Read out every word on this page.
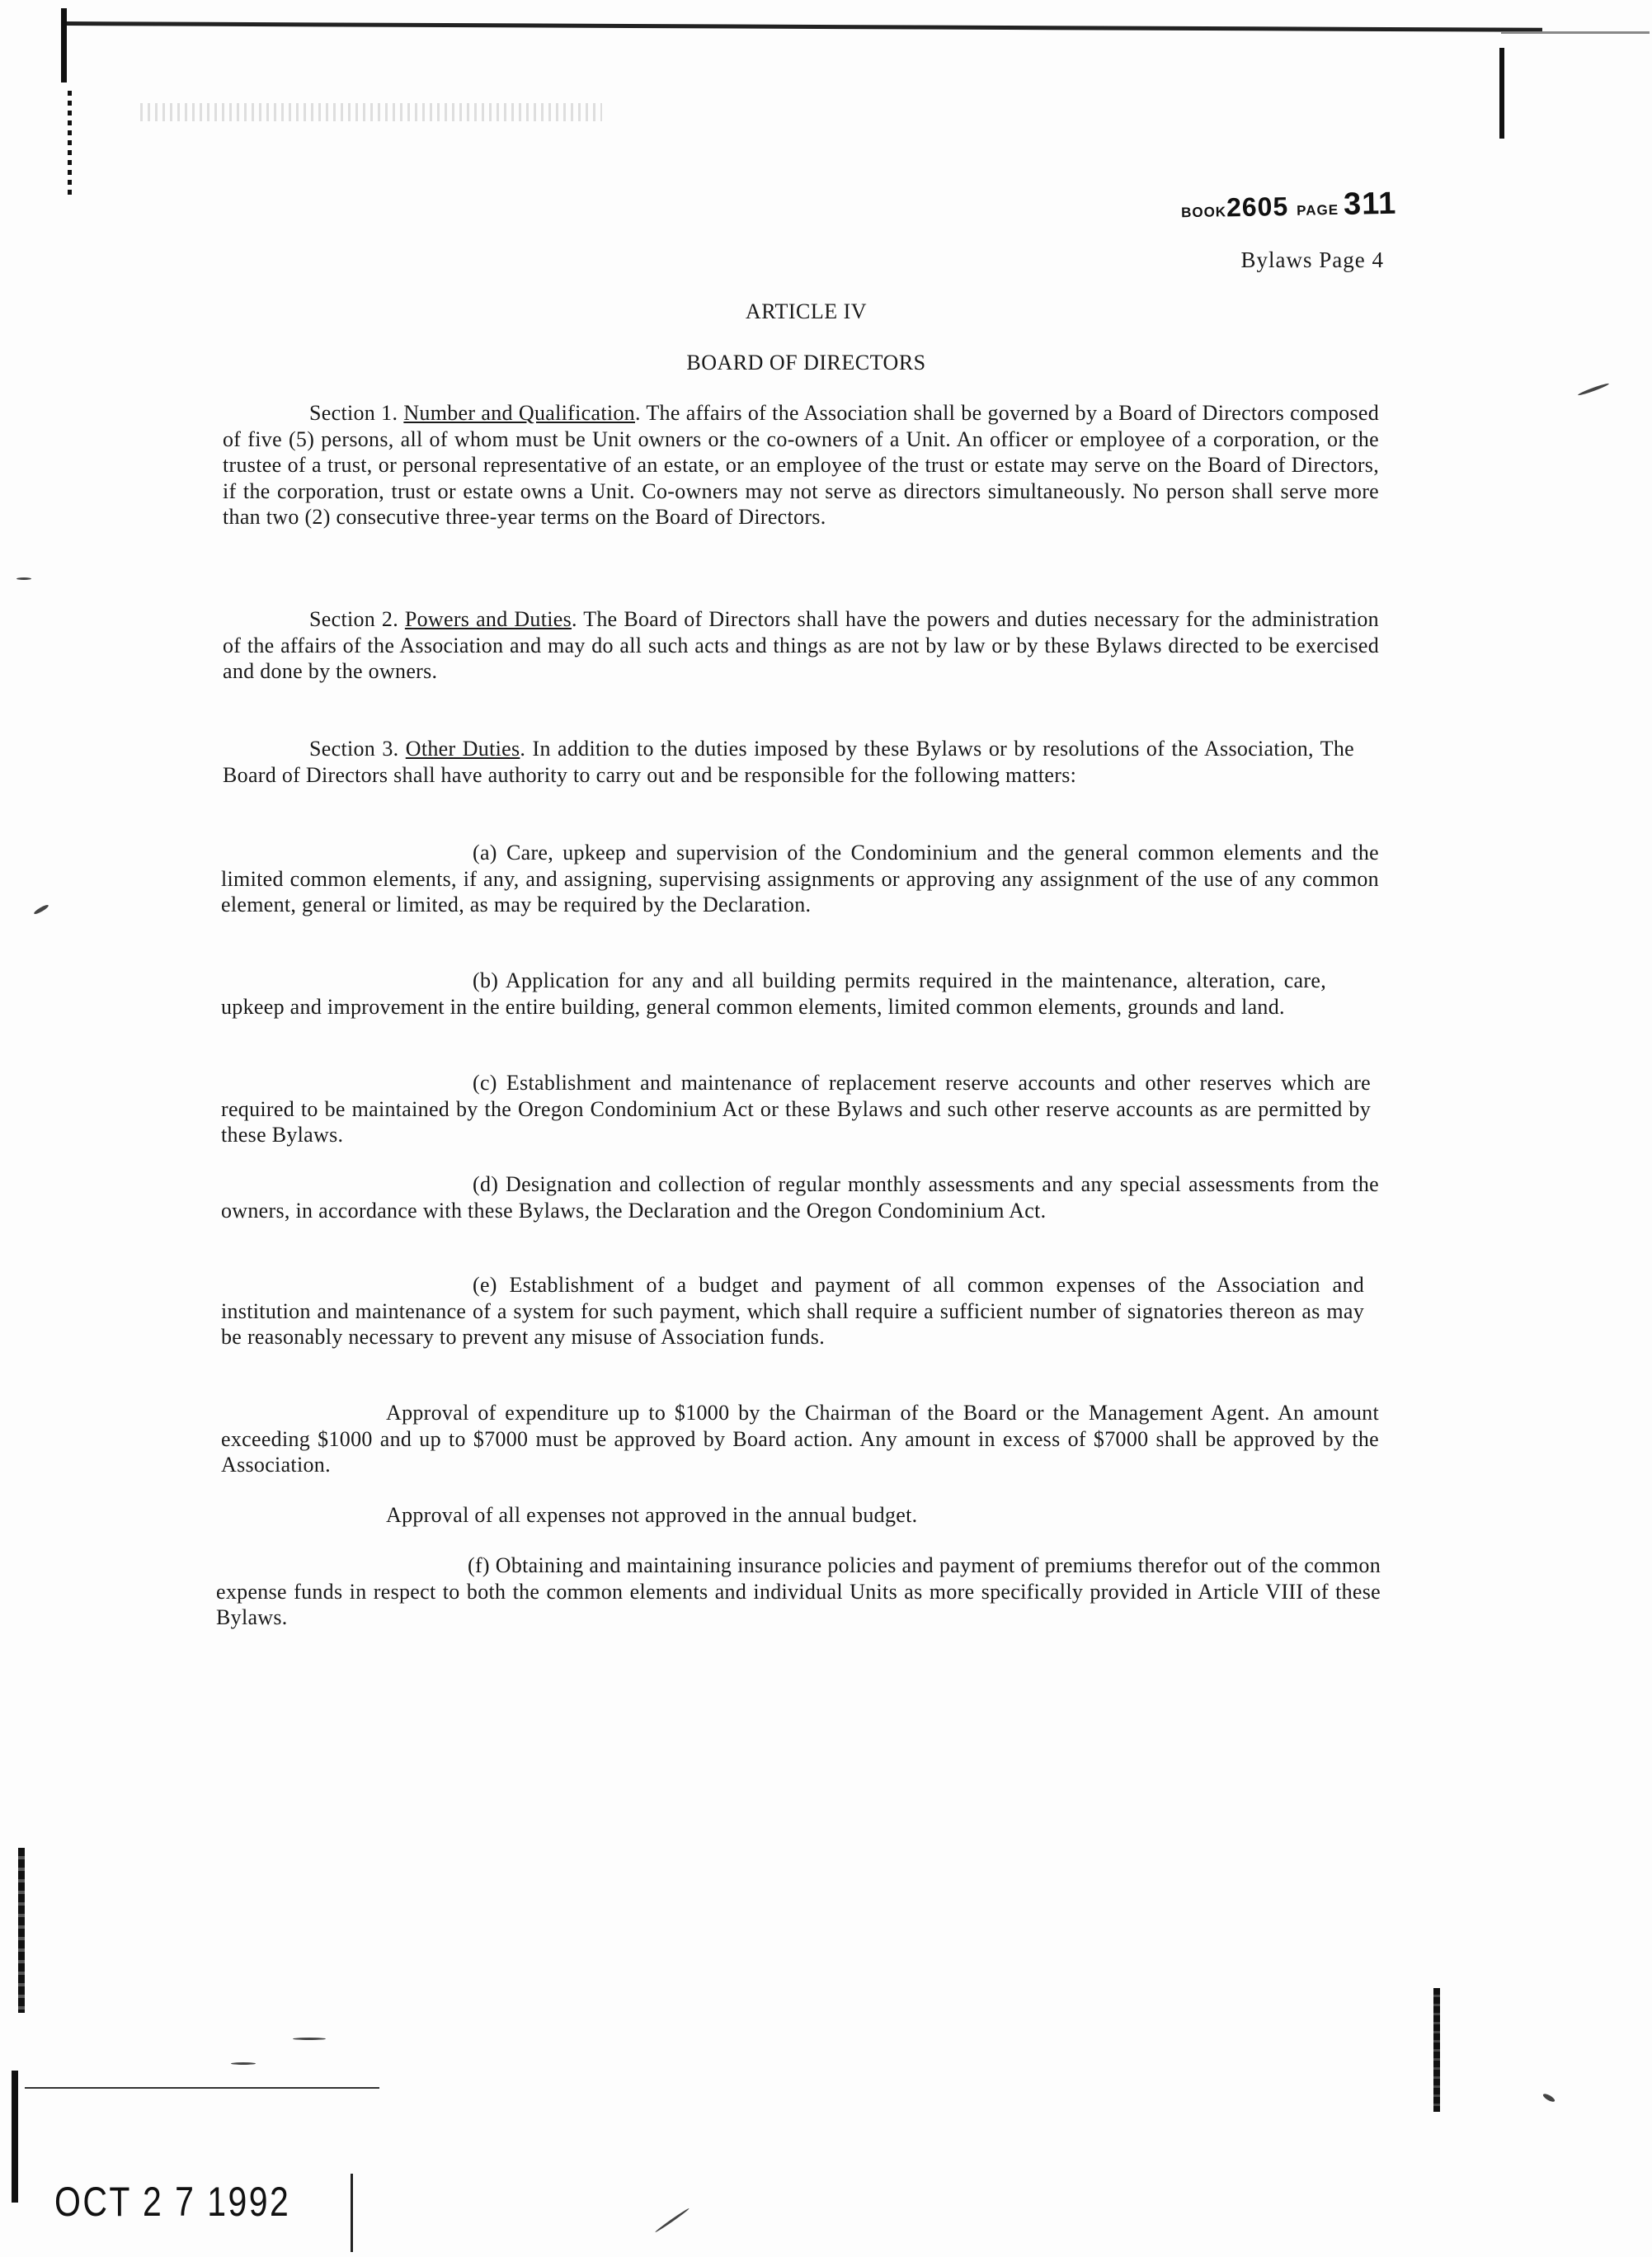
BOOK2605 PAGE 311
Bylaws Page 4
ARTICLE IV
BOARD OF DIRECTORS
Section 1. Number and Qualification. The affairs of the Association shall be governed by a Board of Directors composed of five (5) persons, all of whom must be Unit owners or the co-owners of a Unit. An officer or employee of a corporation, or the trustee of a trust, or personal representative of an estate, or an employee of the trust or estate may serve on the Board of Directors, if the corporation, trust or estate owns a Unit. Co-owners may not serve as directors simultaneously. No person shall serve more than two (2) consecutive three-year terms on the Board of Directors.
Section 2. Powers and Duties. The Board of Directors shall have the powers and duties necessary for the administration of the affairs of the Association and may do all such acts and things as are not by law or by these Bylaws directed to be exercised and done by the owners.
Section 3. Other Duties. In addition to the duties imposed by these Bylaws or by resolutions of the Association, The Board of Directors shall have authority to carry out and be responsible for the following matters:
(a) Care, upkeep and supervision of the Condominium and the general common elements and the limited common elements, if any, and assigning, supervising assignments or approving any assignment of the use of any common element, general or limited, as may be required by the Declaration.
(b) Application for any and all building permits required in the maintenance, alteration, care, upkeep and improvement in the entire building, general common elements, limited common elements, grounds and land.
(c) Establishment and maintenance of replacement reserve accounts and other reserves which are required to be maintained by the Oregon Condominium Act or these Bylaws and such other reserve accounts as are permitted by these Bylaws.
(d) Designation and collection of regular monthly assessments and any special assessments from the owners, in accordance with these Bylaws, the Declaration and the Oregon Condominium Act.
(e) Establishment of a budget and payment of all common expenses of the Association and institution and maintenance of a system for such payment, which shall require a sufficient number of signatories thereon as may be reasonably necessary to prevent any misuse of Association funds.
Approval of expenditure up to $1000 by the Chairman of the Board or the Management Agent. An amount exceeding $1000 and up to $7000 must be approved by Board action. Any amount in excess of $7000 shall be approved by the Association.
Approval of all expenses not approved in the annual budget.
(f) Obtaining and maintaining insurance policies and payment of premiums therefor out of the common expense funds in respect to both the common elements and individual Units as more specifically provided in Article VIII of these Bylaws.
OCT 2 7 1992
